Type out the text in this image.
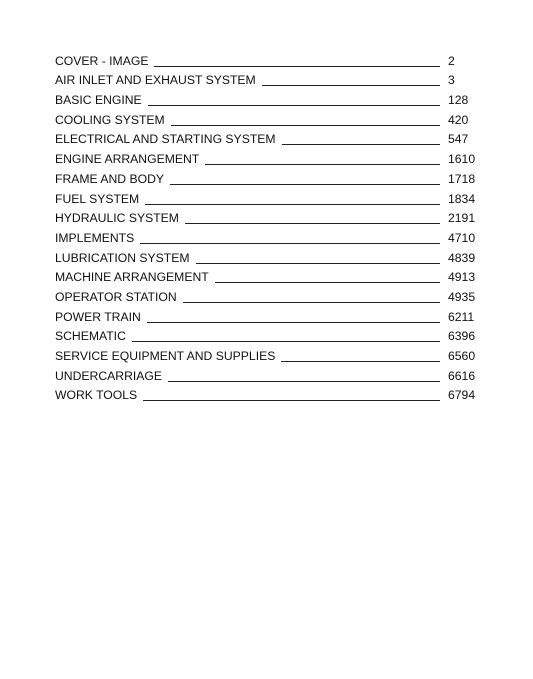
COVER - IMAGE	2
AIR INLET AND EXHAUST SYSTEM	3
BASIC ENGINE	128
COOLING SYSTEM	420
ELECTRICAL AND STARTING SYSTEM	547
ENGINE ARRANGEMENT	1610
FRAME AND BODY	1718
FUEL SYSTEM	1834
HYDRAULIC SYSTEM	2191
IMPLEMENTS	4710
LUBRICATION SYSTEM	4839
MACHINE ARRANGEMENT	4913
OPERATOR STATION	4935
POWER TRAIN	6211
SCHEMATIC	6396
SERVICE EQUIPMENT AND SUPPLIES	6560
UNDERCARRIAGE	6616
WORK TOOLS	6794
